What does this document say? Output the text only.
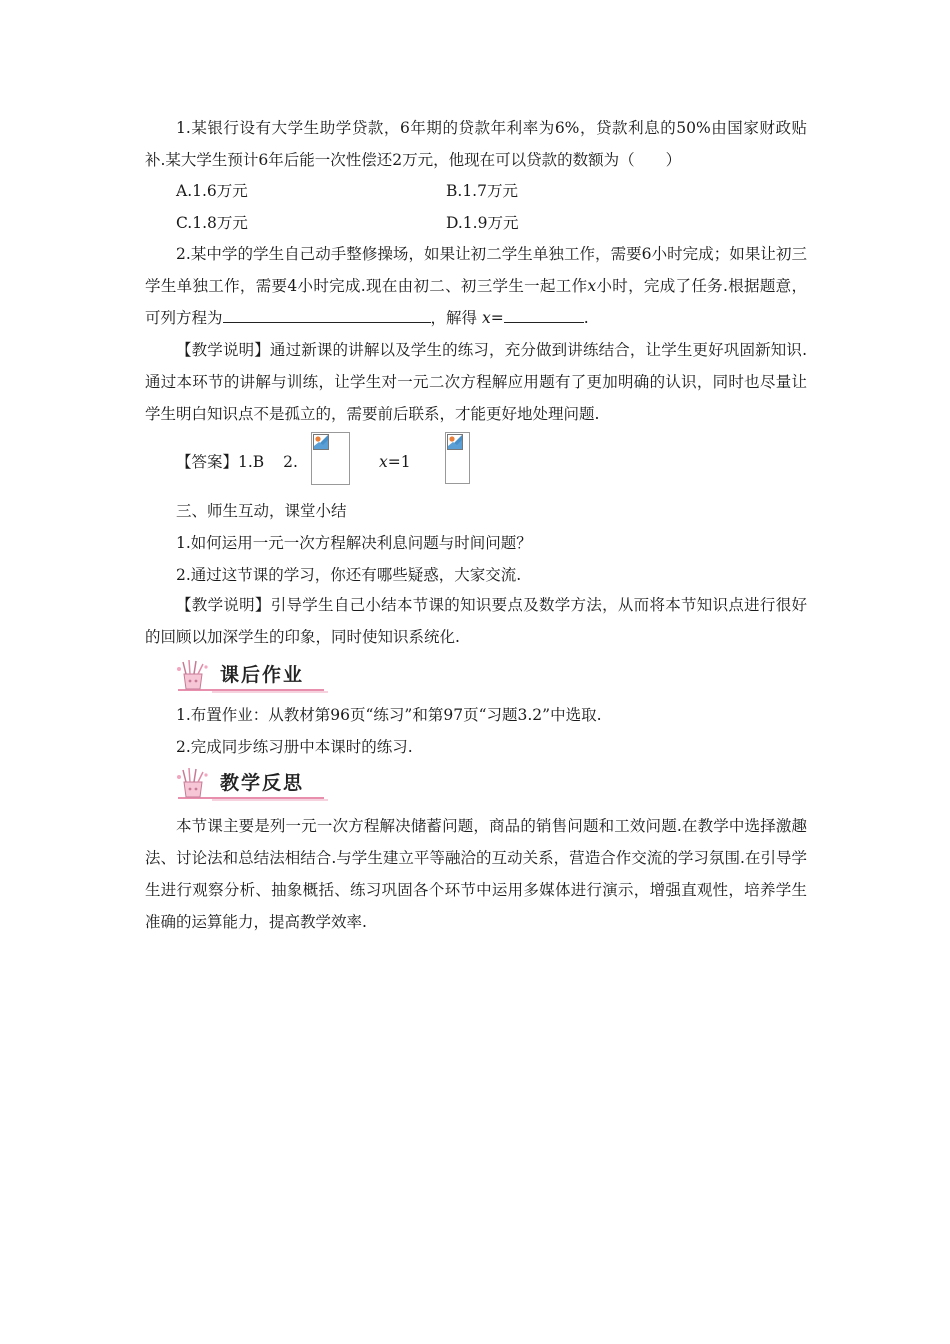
1.某银行设有大学生助学贷款，6年期的贷款年利率为6%，贷款利息的50%由国家财政贴补.某大学生预计6年后能一次性偿还2万元，他现在可以贷款的数额为（　　）

A.1.6万元	B.1.7万元
C.1.8万元	D.1.9万元

2.某中学的学生自己动手整修操场，如果让初二学生单独工作，需要6小时完成；如果让初三学生单独工作，需要4小时完成.现在由初二、初三学生一起工作x小时，完成了任务.根据题意，可列方程为	，解得 x=	.

【教学说明】通过新课的讲解以及学生的练习，充分做到讲练结合，让学生更好巩固新知识.通过本环节的讲解与训练，让学生对一元二次方程解应用题有了更加明确的认识，同时也尽量让学生明白知识点不是孤立的，需要前后联系，才能更好地处理问题.

【答案】1.B 2.	x=1
三、师生互动，课堂小结
1.如何运用一元一次方程解决利息问题与时间问题？
2.通过这节课的学习，你还有哪些疑惑，大家交流.

【教学说明】引导学生自己小结本节课的知识要点及数学方法，从而将本节知识点进行很好的回顾以加深学生的印象，同时使知识系统化.

课后作业
1.布置作业：从教材第96页“练习”和第97页“习题3.2”中选取.
2.完成同步练习册中本课时的练习.
教学反思

本节课主要是列一元一次方程解决储蓄问题，商品的销售问题和工效问题.在教学中选择激趣法、讨论法和总结法相结合.与学生建立平等融洽的互动关系，营造合作交流的学习氛围.在引导学生进行观察分析、抽象概括、练习巩固各个环节中运用多媒体进行演示，增强直观性，培养学生准确的运算能力，提高教学效率.
